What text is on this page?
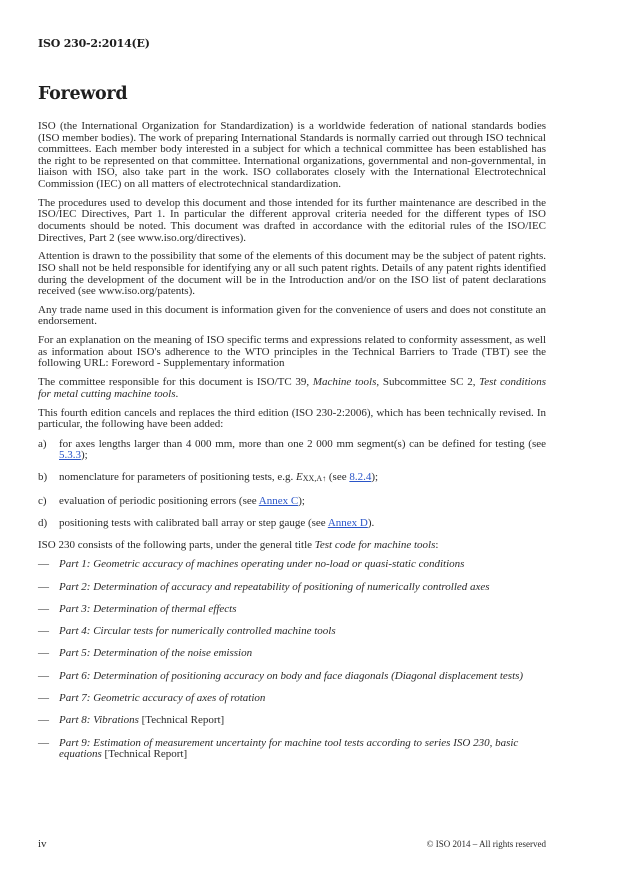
ISO 230-2:2014(E)
Foreword

ISO (the International Organization for Standardization) is a worldwide federation of national standards bodies (ISO member bodies). The work of preparing International Standards is normally carried out through ISO technical committees. Each member body interested in a subject for which a technical committee has been established has the right to be represented on that committee. International organizations, governmental and non-governmental, in liaison with ISO, also take part in the work. ISO collaborates closely with the International Electrotechnical Commission (IEC) on all matters of electrotechnical standardization.

The procedures used to develop this document and those intended for its further maintenance are described in the ISO/IEC Directives, Part 1. In particular the different approval criteria needed for the different types of ISO documents should be noted. This document was drafted in accordance with the editorial rules of the ISO/IEC Directives, Part 2 (see www.iso.org/directives).

Attention is drawn to the possibility that some of the elements of this document may be the subject of patent rights. ISO shall not be held responsible for identifying any or all such patent rights. Details of any patent rights identified during the development of the document will be in the Introduction and/or on the ISO list of patent declarations received (see www.iso.org/patents).

Any trade name used in this document is information given for the convenience of users and does not constitute an endorsement.

For an explanation on the meaning of ISO specific terms and expressions related to conformity assessment, as well as information about ISO's adherence to the WTO principles in the Technical Barriers to Trade (TBT) see the following URL: Foreword - Supplementary information

The committee responsible for this document is ISO/TC 39, Machine tools, Subcommittee SC 2, Test conditions for metal cutting machine tools.

This fourth edition cancels and replaces the third edition (ISO 230-2:2006), which has been technically revised. In particular, the following have been added:

a)	for axes lengths larger than 4 000 mm, more than one 2 000 mm segment(s) can be defined for testing (see 5.3.3);
b)	nomenclature for parameters of positioning tests, e.g. $E_{XX,A↑}$ (see 8.2.4);
c)	evaluation of periodic positioning errors (see Annex C);
d)	positioning tests with calibrated ball array or step gauge (see Annex D).

ISO 230 consists of the following parts, under the general title Test code for machine tools:

— Part 1: Geometric accuracy of machines operating under no-load or quasi-static conditions
— Part 2: Determination of accuracy and repeatability of positioning of numerically controlled axes
— Part 3: Determination of thermal effects
— Part 4: Circular tests for numerically controlled machine tools
— Part 5: Determination of the noise emission
— Part 6: Determination of positioning accuracy on body and face diagonals (Diagonal displacement tests)
— Part 7: Geometric accuracy of axes of rotation
— Part 8: Vibrations [Technical Report]
— Part 9: Estimation of measurement uncertainty for machine tool tests according to series ISO 230, basic equations [Technical Report]
iv	© ISO 2014 – All rights reserved
